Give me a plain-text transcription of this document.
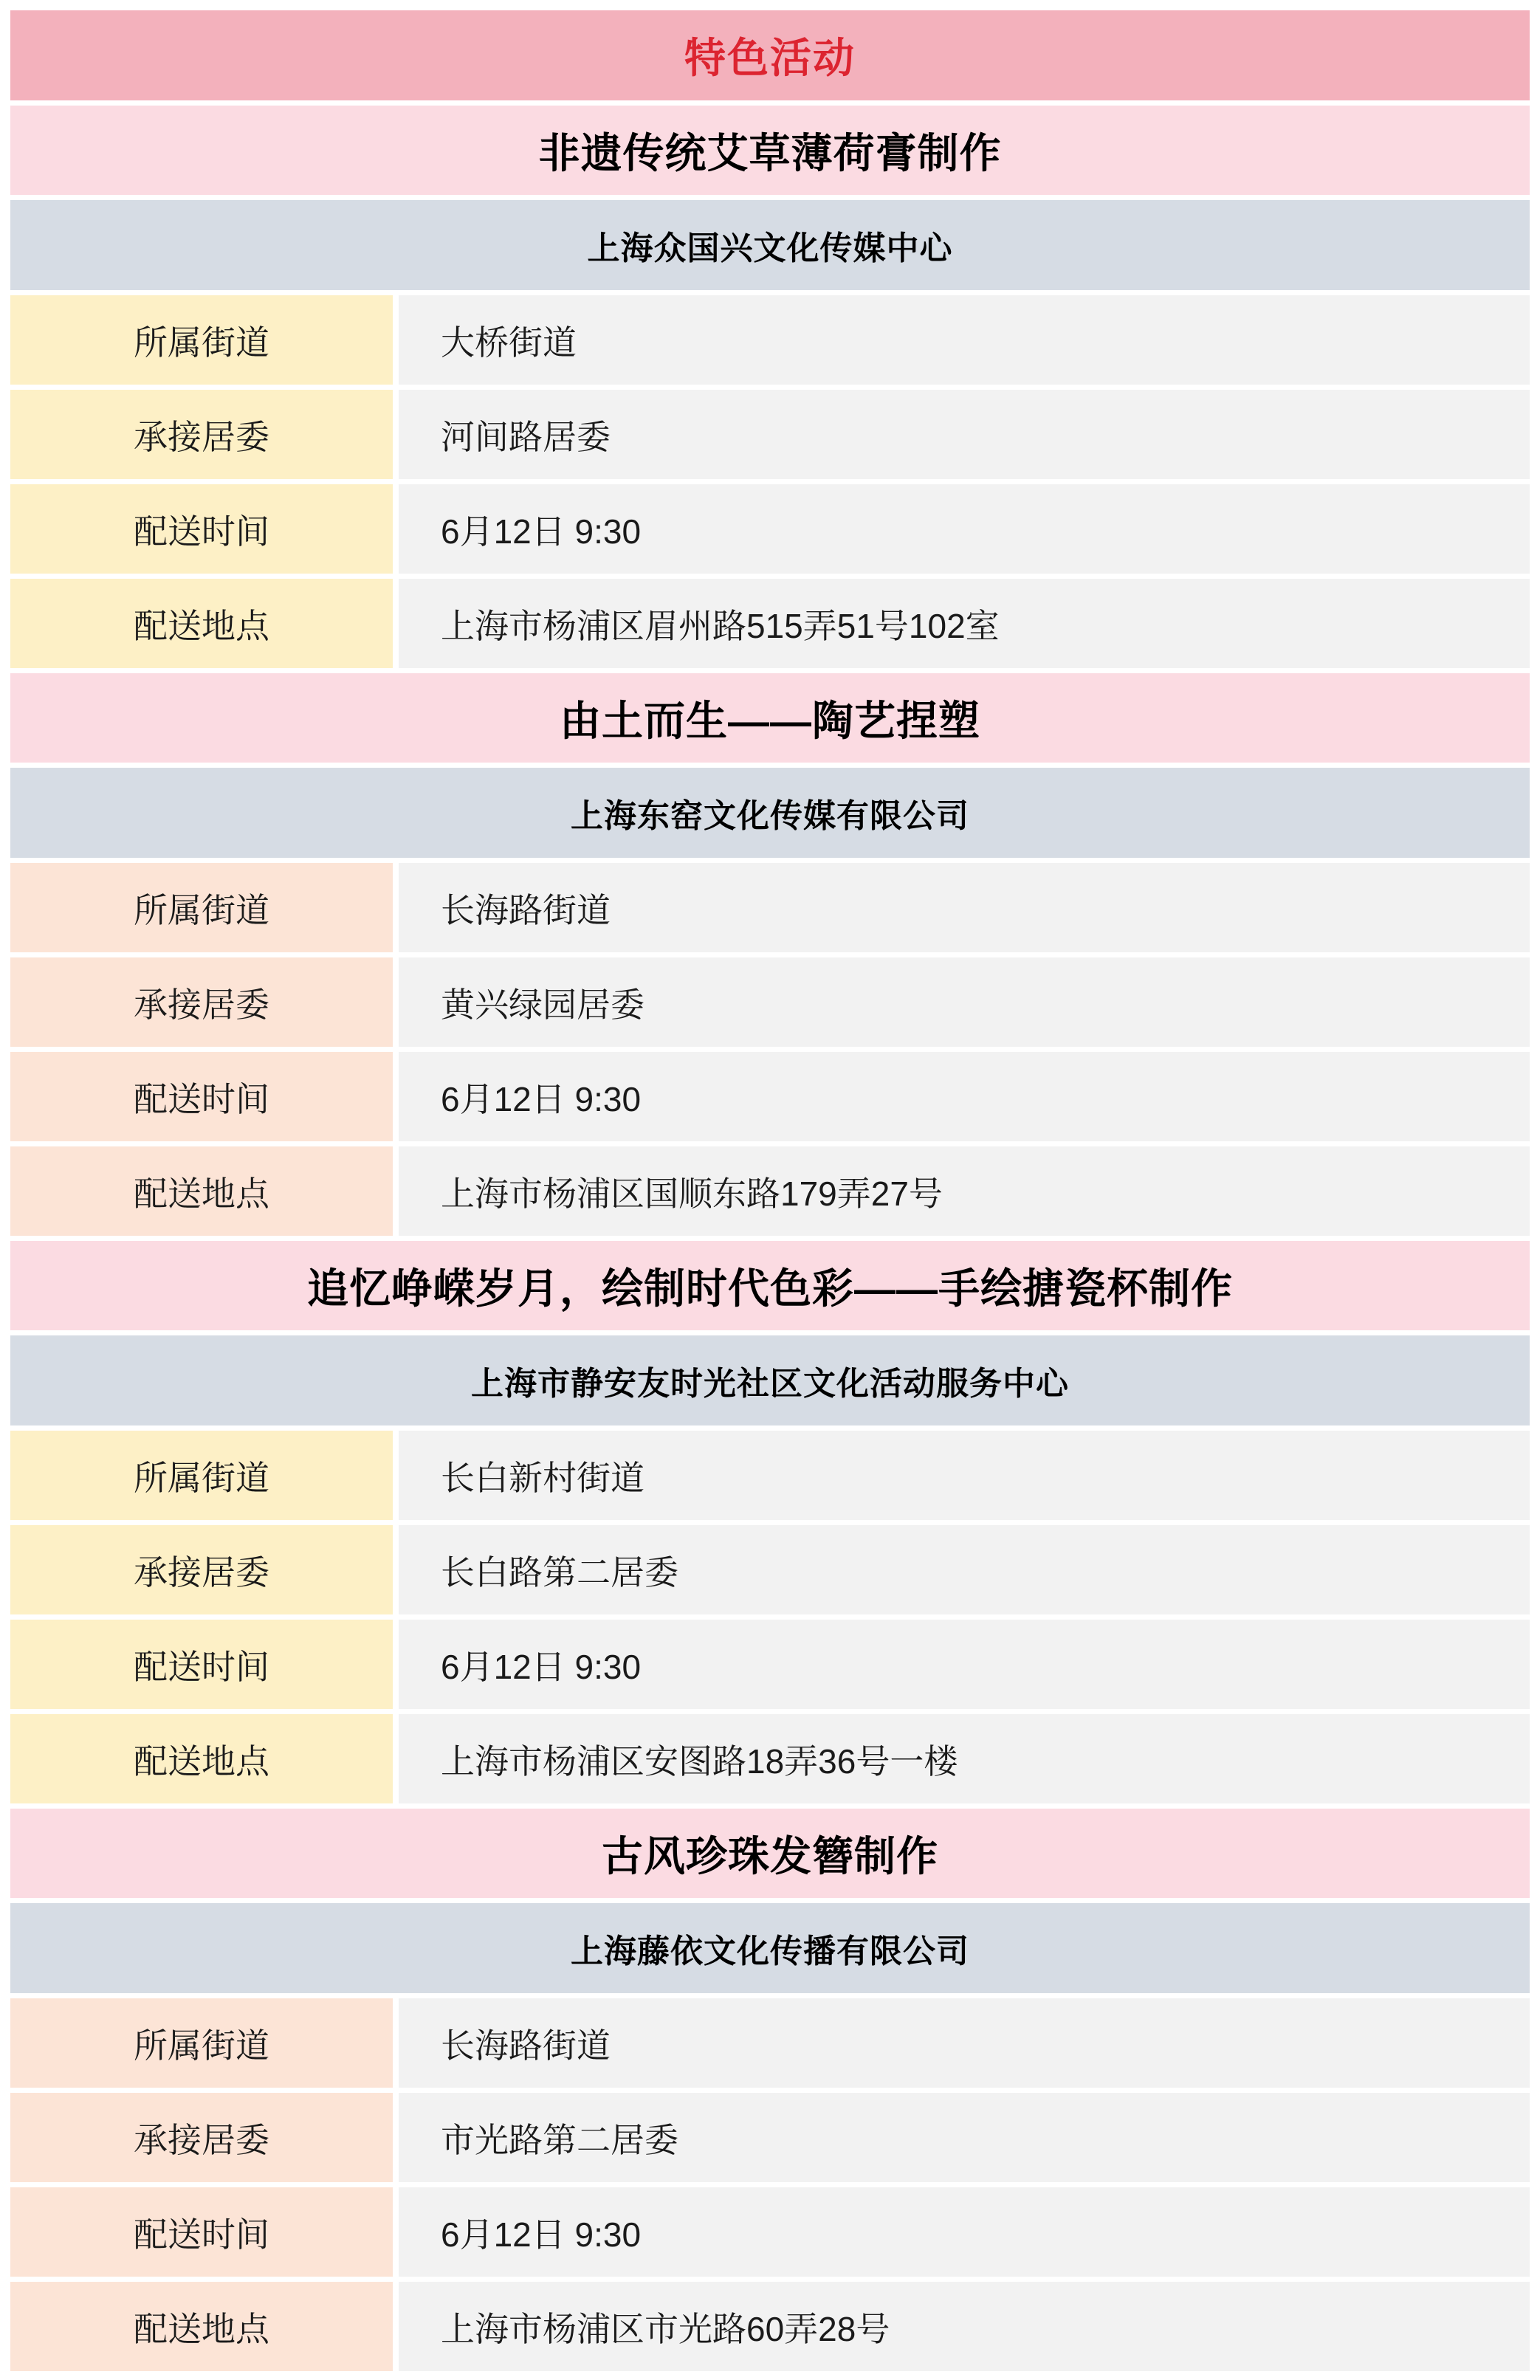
特色活动
非遗传统艾草薄荷膏制作
上海众国兴文化传媒中心
所属街道	大桥街道
承接居委	河间路居委
配送时间	6月12日 9:30
配送地点	上海市杨浦区眉州路515弄51号102室
由土而生——陶艺捏塑
上海东窑文化传媒有限公司
所属街道	长海路街道
承接居委	黄兴绿园居委
配送时间	6月12日 9:30
配送地点	上海市杨浦区国顺东路179弄27号
追忆峥嵘岁月，绘制时代色彩——手绘搪瓷杯制作
上海市静安友时光社区文化活动服务中心
所属街道	长白新村街道
承接居委	长白路第二居委
配送时间	6月12日 9:30
配送地点	上海市杨浦区安图路18弄36号一楼
古风珍珠发簪制作
上海藤依文化传播有限公司
所属街道	长海路街道
承接居委	市光路第二居委
配送时间	6月12日 9:30
配送地点	上海市杨浦区市光路60弄28号
